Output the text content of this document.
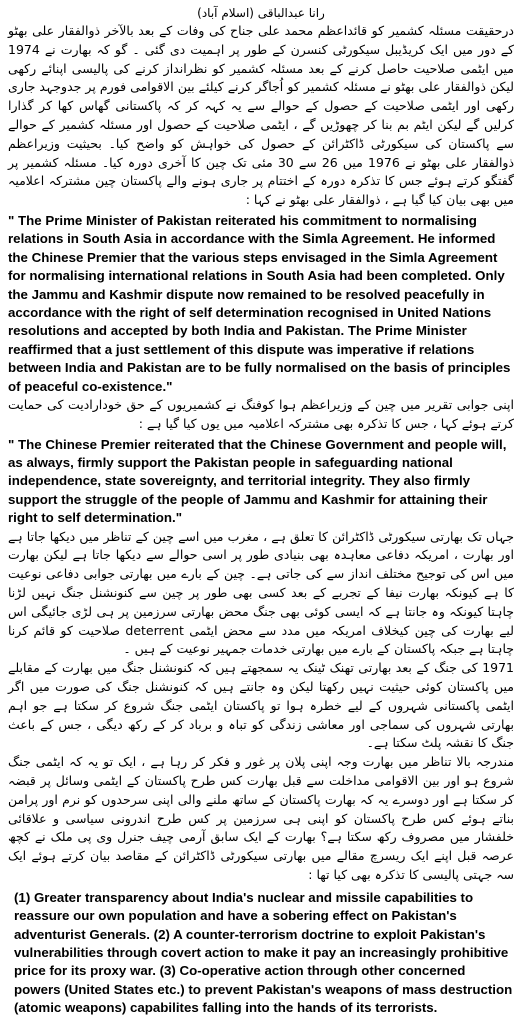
رانا عبدالباقی (اسلام آباد)

درحقیقت مسئلہ کشمیر کو قائداعظم محمد علی جناح کی وفات کے بعد بالآخر ذوالفقار علی بھٹو کے دور میں ایک کریڈیبل سیکورٹی کنسرن کے طور پر اہمیت دی گئی ۔ گو کہ بھارت نے 1974 میں ایٹمی صلاحیت حاصل کرنے کے بعد مسئلہ کشمیر کو نظرانداز کرنے کی پالیسی اپنائے رکھی لیکن ذوالفقار علی بھٹو نے مسئلہ کشمیر کو اُجاگر کرنے کیلئے بین الاقوامی فورم پر جدوجہد جاری رکھی اور ایٹمی صلاحیت کے حصول کے حوالے سے یہ کہہ کر کہ پاکستانی گھاس کھا کر گذارا کرلیں گے لیکن ایٹم بم بنا کر چھوڑیں گے ، ایٹمی صلاحیت کے حصول اور مسئلہ کشمیر کے حوالے سے پاکستان کی سیکورٹی ڈاکٹرائن کے حصول کی خواہش کو واضح کیا۔ بحیثیت وزیراعظم ذوالفقار علی بھٹو نے 1976 میں 26 سے 30 مئی تک چین کا آخری دورہ کیا۔ مسئلہ کشمیر پر گفتگو کرتے ہوئے جس کا تذکرہ دورہ کے اختتام پر جاری ہونے والے پاکستان چین مشترکہ اعلامیہ میں بھی بیان کیا گیا ہے ، ذوالفقار علی بھٹو نے کہا :

" The Prime Minister of Pakistan reiterated his commitment to normalising relations in South Asia in accordance with the Simla Agreement. He informed the Chinese Premier that the various steps envisaged in the Simla Agreement for normalising international relations in South Asia had been completed. Only the Jammu and Kashmir dispute now remained to be resolved peacefully in accordance with the right of self determination recognised in United Nations resolutions and accepted by both India and Pakistan. The Prime Minister reaffirmed that a just settlement of this dispute was imperative if relations between India and Pakistan are to be fully normalised on the basis of principles of peaceful co-existence."

اپنی جوابی تقریر میں چین کے وزیراعظم ہوا کوفنگ نے کشمیریوں کے حق خودارادیت کی حمایت کرتے ہوئے کہا ، جس کا تذکرہ بھی مشترکہ اعلامیہ میں یوں کیا گیا ہے :

" The Chinese Premier reiterated that the Chinese Government and people will, as always, firmly support the Pakistan people in safeguarding national independence, state sovereignty, and territorial integrity. They also firmly support the struggle of the people of Jammu and Kashmir for attaining their right to self determination."

جہاں تک بھارتی سیکورٹی ڈاکٹرائن کا تعلق ہے ، مغرب میں اسے چین کے تناظر میں دیکھا جاتا ہے اور بھارت ، امریکہ دفاعی معاہدہ بھی بنیادی طور پر اسی حوالے سے دیکھا جاتا ہے لیکن بھارت میں اس کی توجیح مختلف انداز سے کی جاتی ہے۔ چین کے بارے میں بھارتی جوابی دفاعی نوعیت کا ہے کیونکہ بھارت نیفا کے تجربے کے بعد کسی بھی طور پر چین سے کنونشنل جنگ نہیں لڑنا چاہتا کیونکہ وہ جانتا ہے کہ ایسی کوئی بھی جنگ محض بھارتی سرزمین پر ہی لڑی جائیگی اس لیے بھارت کی چین کیخلاف امریکہ میں مدد سے محض ایٹمی deterrent صلاحیت کو قائم کرنا چاہتا ہے جبکہ پاکستان کے بارے میں بھارتی خدمات جمہیر نوعیت کے ہیں ۔

1971 کی جنگ کے بعد بھارتی تھنک ٹینک یہ سمجھتے ہیں کہ کنونشنل جنگ میں بھارت کے مقابلے میں پاکستان کوئی حیثیت نہیں رکھتا لیکن وہ جانتے ہیں کہ کنونشنل جنگ کی صورت میں اگر ایٹمی پاکستانی شہروں کے لیے خطرہ ہوا تو پاکستان ایٹمی جنگ شروع کر سکتا ہے جو اہم بھارتی شہروں کی سماجی اور معاشی زندگی کو تباہ و برباد کر کے رکھ دیگی ، جس کے باعث جنگ کا نقشہ پلٹ سکتا ہے۔

مندرجہ بالا تناظر میں بھارت وجہ اپنی پلان پر غور و فکر کر رہا ہے ، ایک تو یہ کہ ایٹمی جنگ شروع ہو اور بین الاقوامی مداخلت سے قبل بھارت کس طرح پاکستان کے ایٹمی وسائل پر قبضہ کر سکتا ہے اور دوسرے یہ کہ بھارت پاکستان کے ساتھ ملنے والی اپنی سرحدوں کو نرم اور پرامن بناتے ہوئے کس طرح پاکستان کو اپنی ہی سرزمین پر کس طرح اندرونی سیاسی و علاقائی خلفشار میں مصروف رکھ سکتا ہے؟ بھارت کے ایک سابق آرمی چیف جنرل وی پی ملک نے کچھ عرصہ قبل اپنے ایک ریسرچ مقالے میں بھارتی سیکورٹی ڈاکٹرائن کے مقاصد بیان کرتے ہوئے ایک سہ جہتی پالیسی کا تذکرہ بھی کیا تھا :

(1) Greater transparency about India's nuclear and missile capabilities to reassure our own population and have a sobering effect on Pakistan's adventurist Generals. (2) A counter-terrorism doctrine to exploit Pakistan's vulnerabilities through covert action to make it pay an increasingly prohibitive price for its proxy war. (3) Co-operative action through other concerned powers (United States etc.) to prevent Pakistan's weapons of mass destruction (atomic weapons) capabilites falling into the hands of its terrorists.
